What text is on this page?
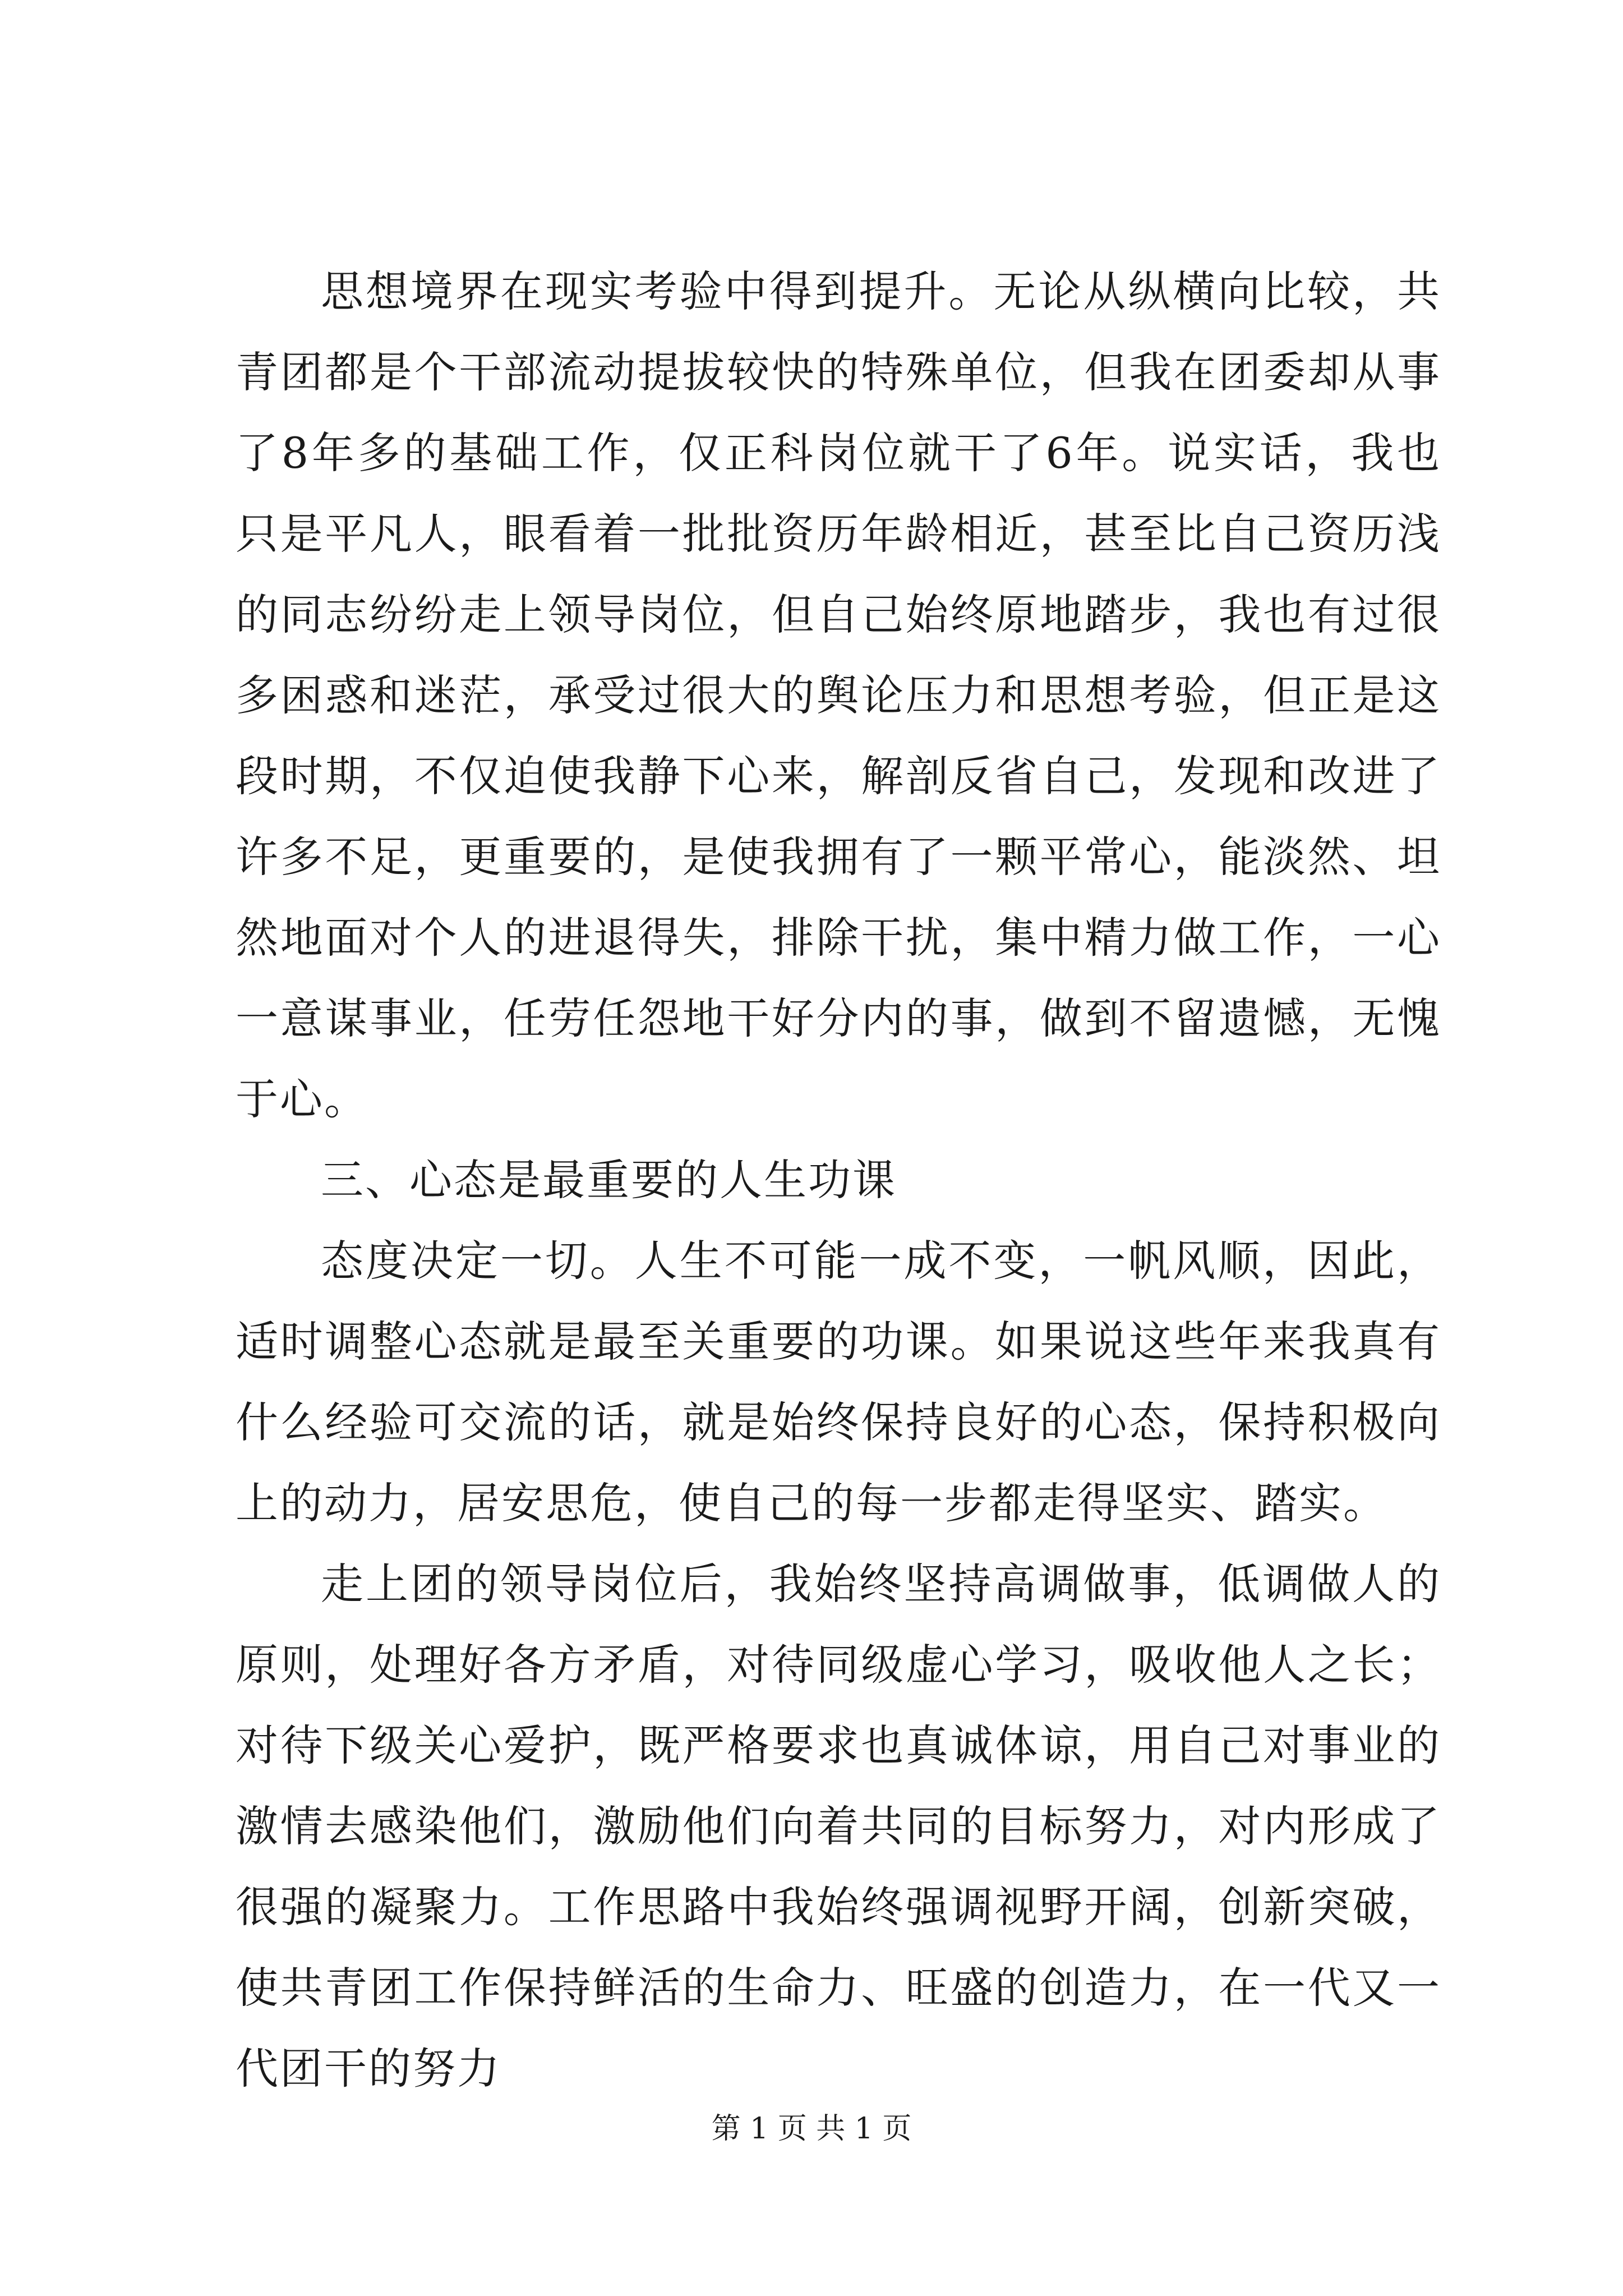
思想境界在现实考验中得到提升。无论从纵横向比较，共青团都是个干部流动提拔较快的特殊单位，但我在团委却从事了8年多的基础工作，仅正科岗位就干了6年。说实话，我也只是平凡人，眼看着一批批资历年龄相近，甚至比自己资历浅的同志纷纷走上领导岗位，但自己始终原地踏步，我也有过很多困惑和迷茫，承受过很大的舆论压力和思想考验，但正是这段时期，不仅迫使我静下心来，解剖反省自己，发现和改进了许多不足，更重要的，是使我拥有了一颗平常心，能淡然、坦然地面对个人的进退得失，排除干扰，集中精力做工作，一心一意谋事业，任劳任怨地干好分内的事，做到不留遗憾，无愧于心。

三、心态是最重要的人生功课

态度决定一切。人生不可能一成不变，一帆风顺，因此，适时调整心态就是最至关重要的功课。如果说这些年来我真有什么经验可交流的话，就是始终保持良好的心态，保持积极向上的动力，居安思危，使自己的每一步都走得坚实、踏实。

走上团的领导岗位后，我始终坚持高调做事，低调做人的原则，处理好各方矛盾，对待同级虚心学习，吸收他人之长；对待下级关心爱护，既严格要求也真诚体谅，用自己对事业的激情去感染他们，激励他们向着共同的目标努力，对内形成了很强的凝聚力。工作思路中我始终强调视野开阔，创新突破，使共青团工作保持鲜活的生命力、旺盛的创造力，在一代又一代团干的努力

第 1 页 共 1 页
